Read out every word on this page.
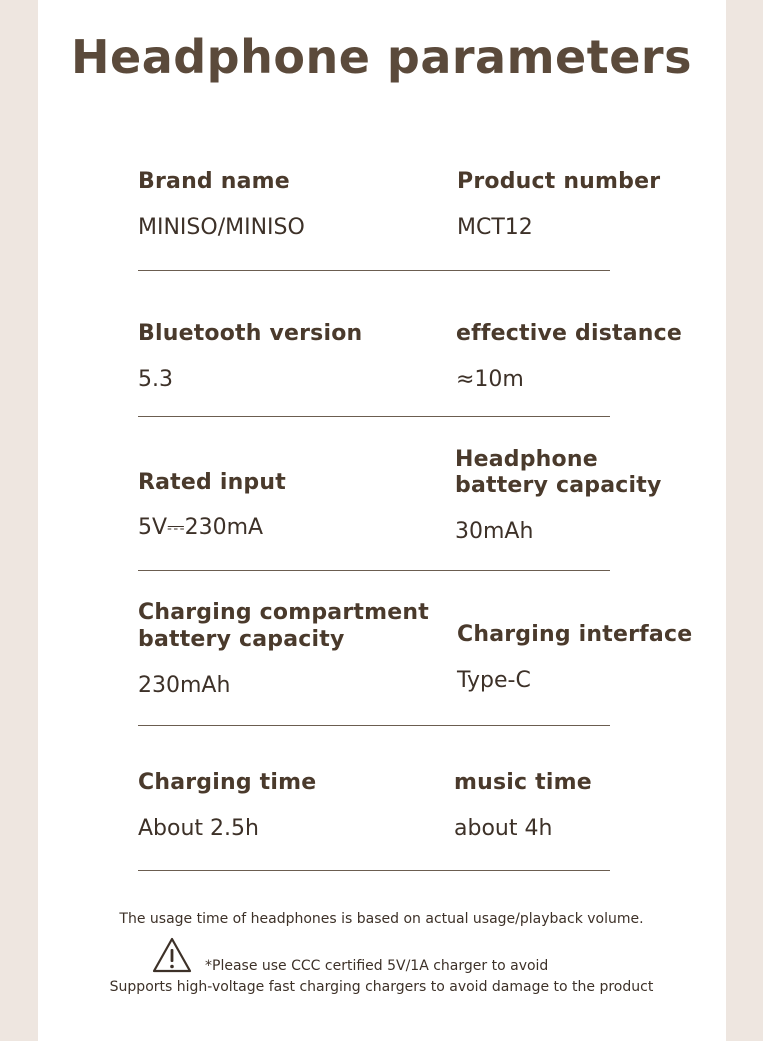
Headphone parameters
Brand name
MINISO/MINISO
Product number
MCT12
Bluetooth version
5.3
effective distance
≈10m
Rated input
5V⎓230mA
Headphone
battery capacity
30mAh
Charging compartment
battery capacity
230mAh
Charging interface
Type-C
Charging time
About 2.5h
music time
about 4h
The usage time of headphones is based on actual usage/playback volume.
*Please use CCC certified 5V/1A charger to avoid
Supports high-voltage fast charging chargers to avoid damage to the product
